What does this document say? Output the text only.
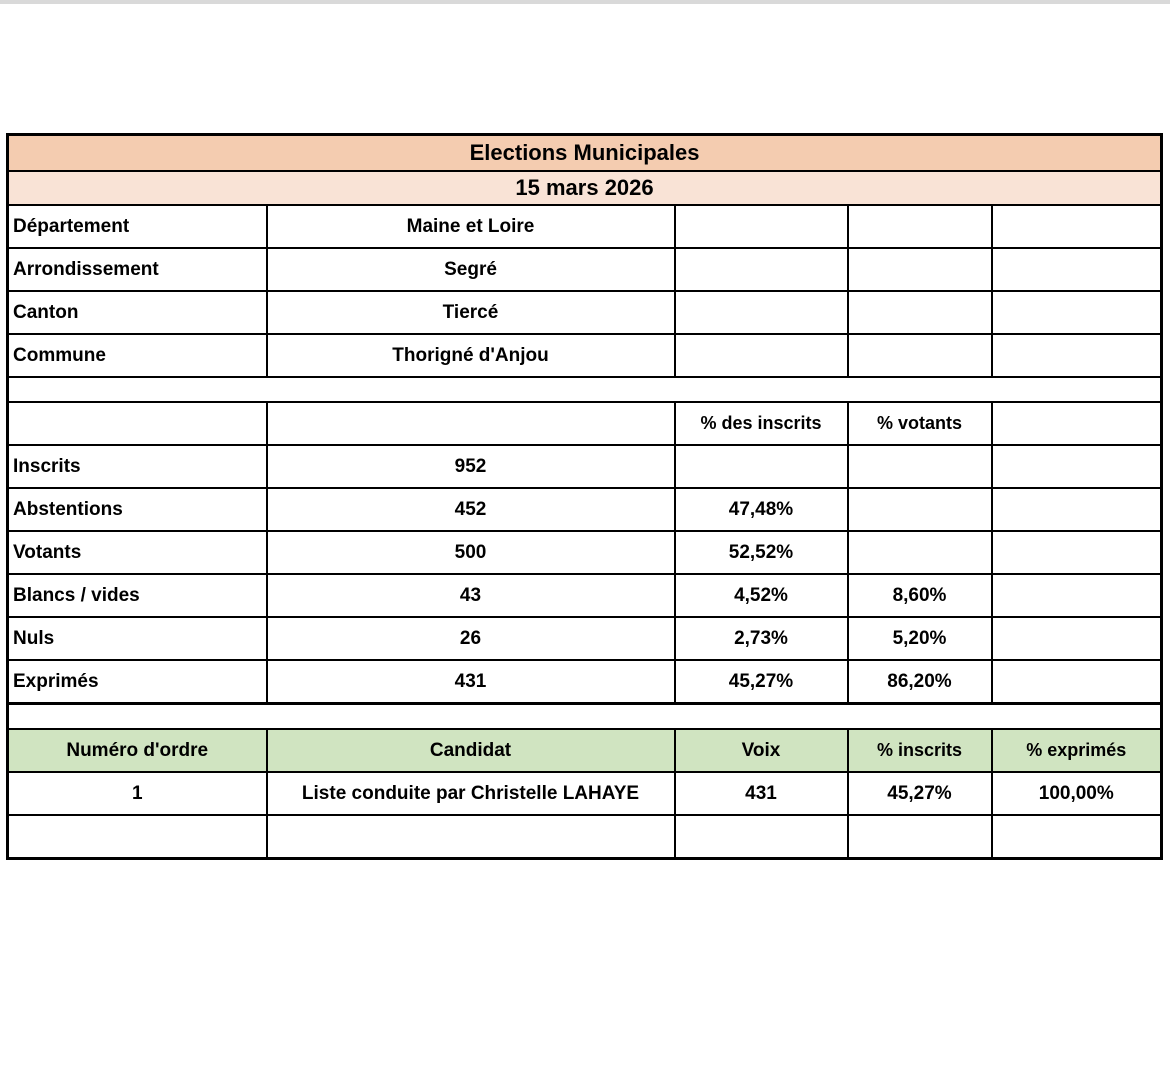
Elections Municipales				
15 mars 2026				
Département	Maine et Loire			
Arrondissement	Segré			
Canton	Tiercé			
Commune	Thorigné d'Anjou			

		% des inscrits	% votants	
Inscrits	952			
Abstentions	452	47,48%		
Votants	500	52,52%		
Blancs / vides	43	4,52%	8,60%	
Nuls	26	2,73%	5,20%	
Exprimés	431	45,27%	86,20%	

Numéro d'ordre	Candidat	Voix	% inscrits	% exprimés
1	Liste conduite par Christelle LAHAYE	431	45,27%	100,00%
